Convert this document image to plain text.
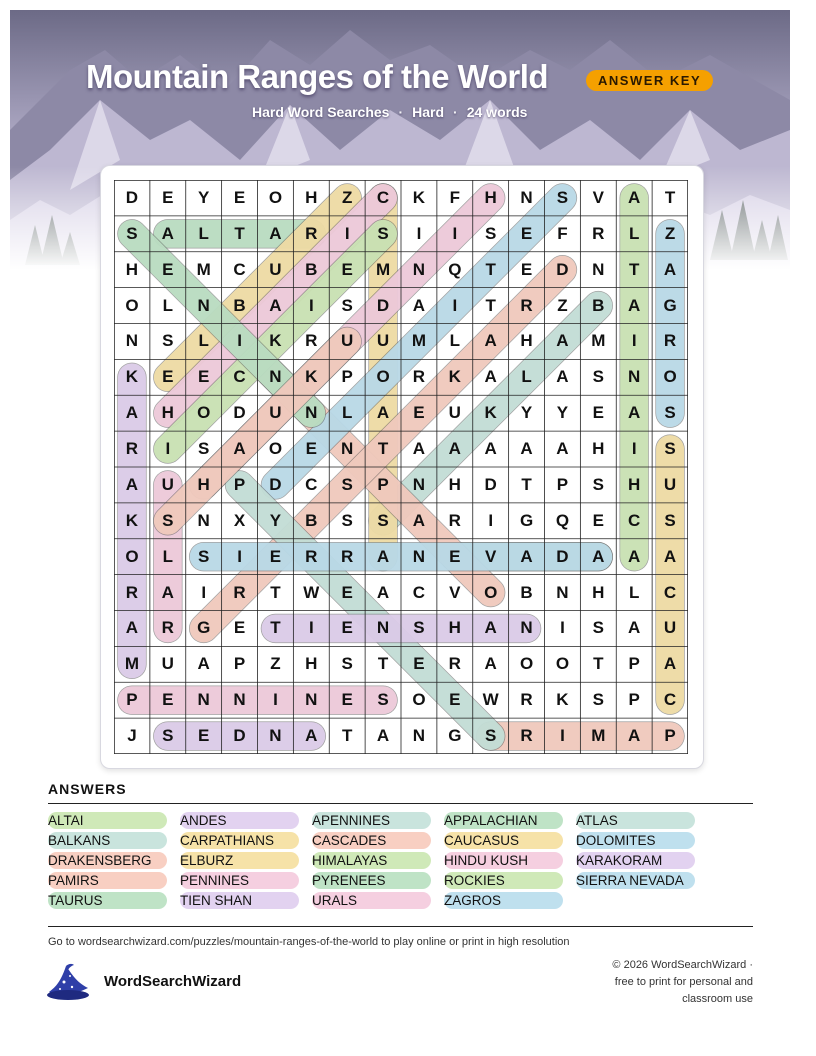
Mountain Ranges of the World	ANSWER KEY
Hard Word Searches · Hard · 24 words
D	E	Y	E	O	H	Z	C	K	F	H	N	S	V	A	T
S	A	L	T	A	R	I	S	I	I	S	E	F	R	L	Z
H	E	M	C	U	B	E	M	N	Q	T	E	D	N	T	A
O	L	N	B	A	I	S	D	A	I	T	R	Z	B	A	G
N	S	L	I	K	R	U	U	M	L	A	H	A	M	I	R
K	E	E	C	N	K	P	O	R	K	A	L	A	S	N	O
A	H	O	D	U	N	L	A	E	U	K	Y	Y	E	A	S
R	I	S	A	O	E	N	T	A	A	A	A	A	H	I	S
A	U	H	P	D	C	S	P	N	H	D	T	P	S	H	U
K	S	N	X	Y	B	S	S	A	R	I	G	Q	E	C	S
O	L	S	I	E	R	R	A	N	E	V	A	D	A	A	A
R	A	I	R	T	W	E	A	C	V	O	B	N	H	L	C
A	R	G	E	T	I	E	N	S	H	A	N	I	S	A	U
M	U	A	P	Z	H	S	T	E	R	A	O	O	T	P	A
P	E	N	N	I	N	E	S	O	E	W	R	K	S	P	C
J	S	E	D	N	A	T	A	N	G	S	R	I	M	A	P
ANSWERS
ALTAI	ANDES	APENNINES	APPALACHIAN	ATLAS
BALKANS	CARPATHIANS	CASCADES	CAUCASUS	DOLOMITES
DRAKENSBERG	ELBURZ	HIMALAYAS	HINDU KUSH	KARAKORAM
PAMIRS	PENNINES	PYRENEES	ROCKIES	SIERRA NEVADA
TAURUS	TIEN SHAN	URALS	ZAGROS
Go to wordsearchwizard.com/puzzles/mountain-ranges-of-the-world to play online or print in high resolution
WordSearchWizard
© 2026 WordSearchWizard ·
free to print for personal and
classroom use
